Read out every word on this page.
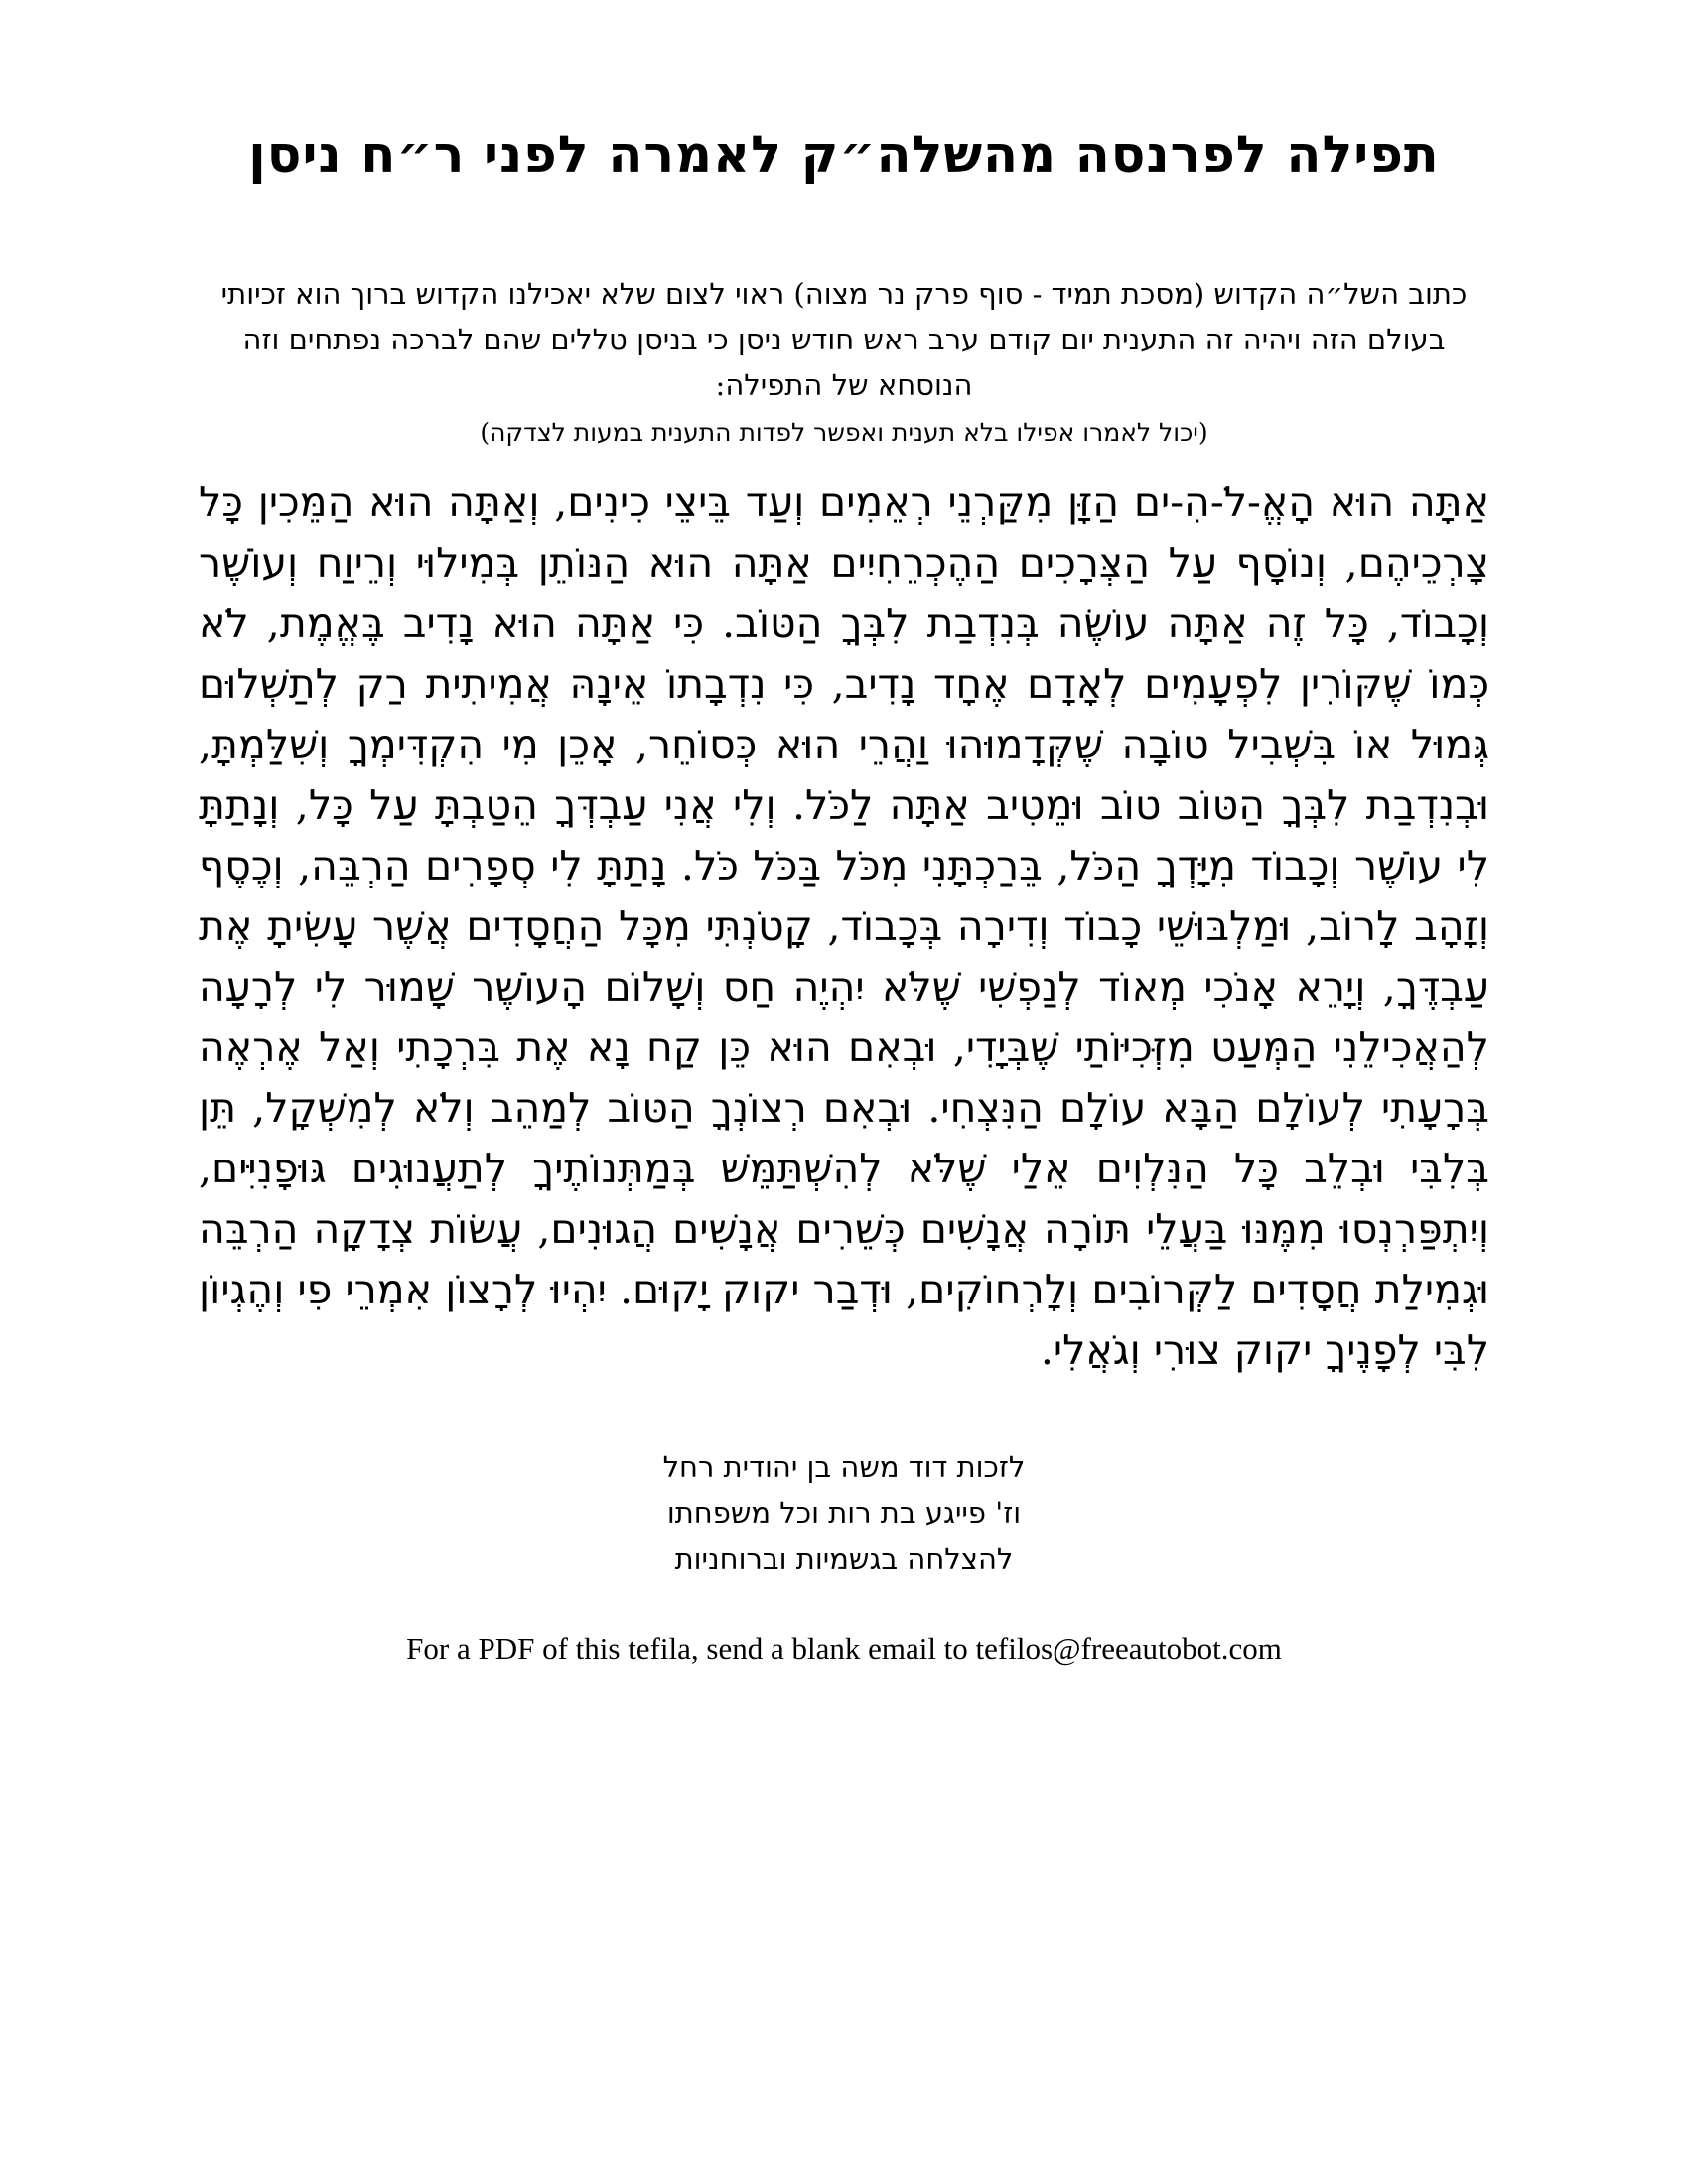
תפילה לפרנסה מהשלה״ק לאמרה לפני ר״ח ניסן

כתוב השל״ה הקדוש (מסכת תמיד - סוף פרק נר מצוה) ראוי לצום שלא יאכילנו הקדוש ברוך הוא זכיותי בעולם הזה ויהיה זה התענית יום קודם ערב ראש חודש ניסן כי בניסן טללים שהם לברכה נפתחים וזה הנוסחא של התפילה:

(יכול לאמרו אפילו בלא תענית ואפשר לפדות התענית במעות לצדקה)

אַתָּה הוּא הָאֱ-לֹ-הִ-ים הַזָּן מִקַּרְנֵי רְאֵמִים וְעַד בֵּיצֵי כִינִים, וְאַתָּה הוּא הַמֵּכִין כָּל צָרְכֵיהֶם, וְנוֹסָף עַל הַצְּרָכִים הַהֶכְרֵחִיִים אַתָּה הוּא הַנּוֹתֵן בְּמִילוּי וְרֵיוַח וְעוֹשֶׁר וְכָבוֹד, כָּל זֶה אַתָּה עוֹשֶׂה בְּנִדְבַת לִבְּךָ הַטּוֹב. כִּי אַתָּה הוּא נָדִיב בֶּאֱמֶת, לֹא כְּמוֹ שֶׁקּוֹרִין לִפְעָמִים לְאָדָם אֶחָד נָדִיב, כִּי נִדְבָתוֹ אֵינָהּ אֲמִיתִית רַק לְתַשְׁלוּם גְּמוּל אוֹ בִּשְׁבִיל טוֹבָה שֶׁקְּדָמוּהוּ וַהֲרֵי הוּא כְּסוֹחֵר, אָכֵן מִי הִקְדִּימְךָ וְשִׁלַּמְתָּ, וּבְנִדְבַת לִבְּךָ הַטּוֹב טוֹב וּמֵטִיב אַתָּה לַכֹּל. וְלִי אֲנִי עַבְדְּךָ הֵטַבְתָּ עַל כָּל, וְנָתַתָּ לִי עוֹשֶׁר וְכָבוֹד מִיָּדְךָ הַכֹּל, בֵּרַכְתָּנִי מִכֹּל בַּכֹּל כֹּל. נָתַתָּ לִי סְפָרִים הַרְבֵּה, וְכֶסֶף וְזָהָב לָרוֹב, וּמַלְבּוּשֵׁי כָבוֹד וְדִירָה בְּכָבוֹד, קָטֹנְתִּי מִכָּל הַחֲסָדִים אֲשֶׁר עָשִׂיתָ אֶת עַבְדֶּךָ, וְיָרֵא אָנֹכִי מְאוֹד לְנַפְשִׁי שֶׁלֹּא יִהְיֶה חַס וְשָׁלוֹם הָעוֹשֶׁר שָׁמוּר לִי לְרָעָה לְהַאֲכִילֵנִי הַמְּעַט מִזְּכִיּוֹתַי שֶׁבְּיָדִי, וּבְאִם הוּא כֵּן קַח נָא אֶת בִּרְכָתִי וְאַל אֶרְאֶה בְּרָעָתִי לְעוֹלָם הַבָּא עוֹלָם הַנִּצְחִי. וּבְאִם רְצוֹנְךָ הַטּוֹב לְמַהֵב וְלֹא לְמִשְׁקָל, תֵּן בְּלִבִּי וּבְלֵב כָּל הַנִּלְוִים אֵלַי שֶׁלֹּא לְהִשְׁתַּמֵּשׁ בְּמַתְּנוֹתֶיךָ לְתַעֲנוּגִים גּוּפָנִיִּים, וְיִתְפַּרְנְסוּ מִמֶּנּוּ בַּעֲלֵי תּוֹרָה אֲנָשִׁים כְּשֵׁרִים אֲנָשִׁים הֲגוּנִים, עֲשׂוֹת צְדָקָה הַרְבֵּה וּגְמִילַת חֲסָדִים לַקְּרוֹבִים וְלָרְחוֹקִים, וּדְבַר יקוק יָקוּם. יִהְיוּ לְרָצוֹן אִמְרֵי פִי וְהֶגְיוֹן לִבִּי לְפָנֶיךָ יקוק צוּרִי וְגֹאֲלִי.

לזכות דוד משה בן יהודית רחל

וז' פייגע בת רות וכל משפחתו

להצלחה בגשמיות וברוחניות

For a PDF of this tefila, send a blank email to tefilos@freeautobot.com
